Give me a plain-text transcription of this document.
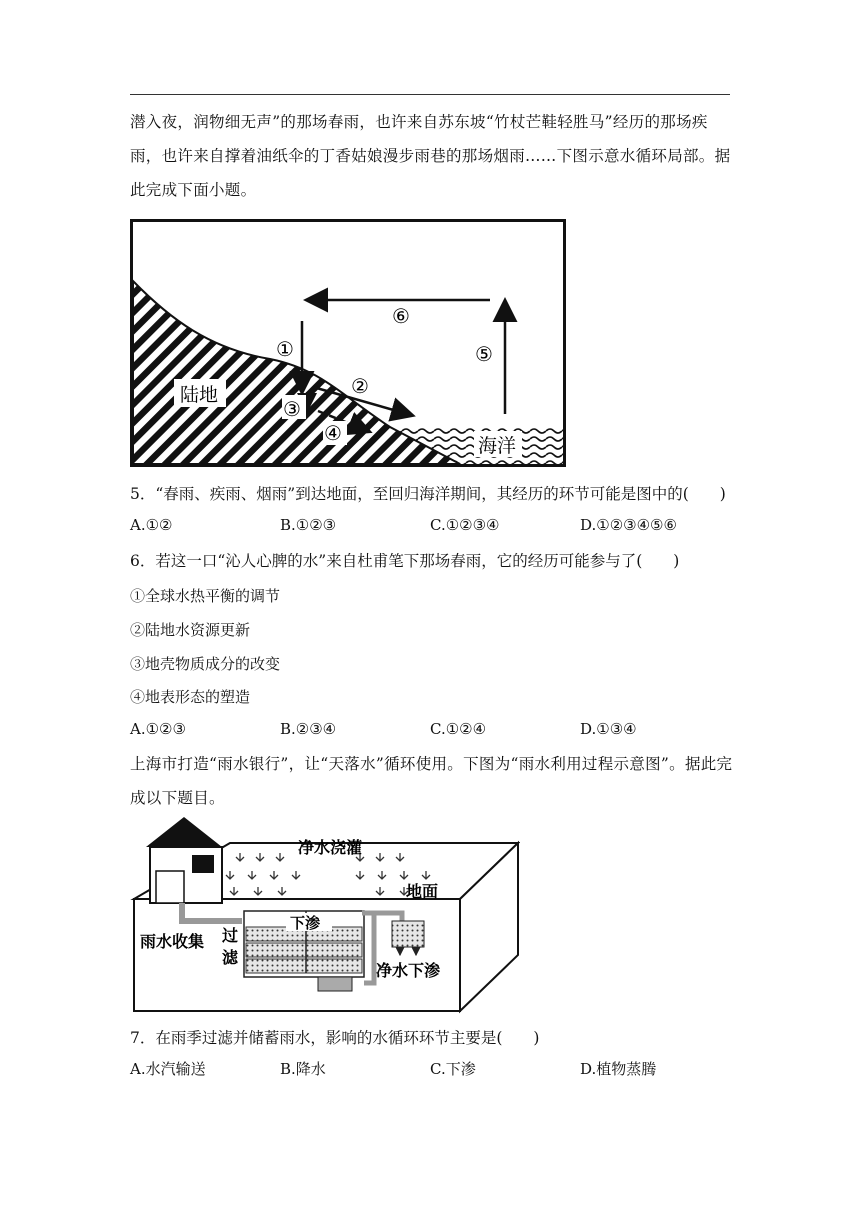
潜入夜，润物细无声”的那场春雨，也许来自苏东坡“竹杖芒鞋轻胜马”经历的那场疾雨，也许来自撑着油纸伞的丁香姑娘漫步雨巷的那场烟雨……下图示意水循环局部。据此完成下面小题。
陆地
海洋
⑥
⑤
①
②
③
④
5．“春雨、疾雨、烟雨”到达地面，至回归海洋期间，其经历的环节可能是图中的(　　)
A.①②	B.①②③	C.①②③④	D.①②③④⑤⑥
6．若这一口“沁人心脾的水”来自杜甫笔下那场春雨，它的经历可能参与了(　　)
①全球水热平衡的调节
②陆地水资源更新
③地壳物质成分的改变
④地表形态的塑造
A.①②③	B.②③④	C.①②④	D.①③④
上海市打造“雨水银行”，让“天落水”循环使用。下图为“雨水利用过程示意图”。据此完成以下题目。
净水浇灌
地面
下渗
雨水收集 过
滤
净水下渗
7．在雨季过滤并储蓄雨水，影响的水循环环节主要是(　　)
A.水汽输送	B.降水	C.下渗	D.植物蒸腾
